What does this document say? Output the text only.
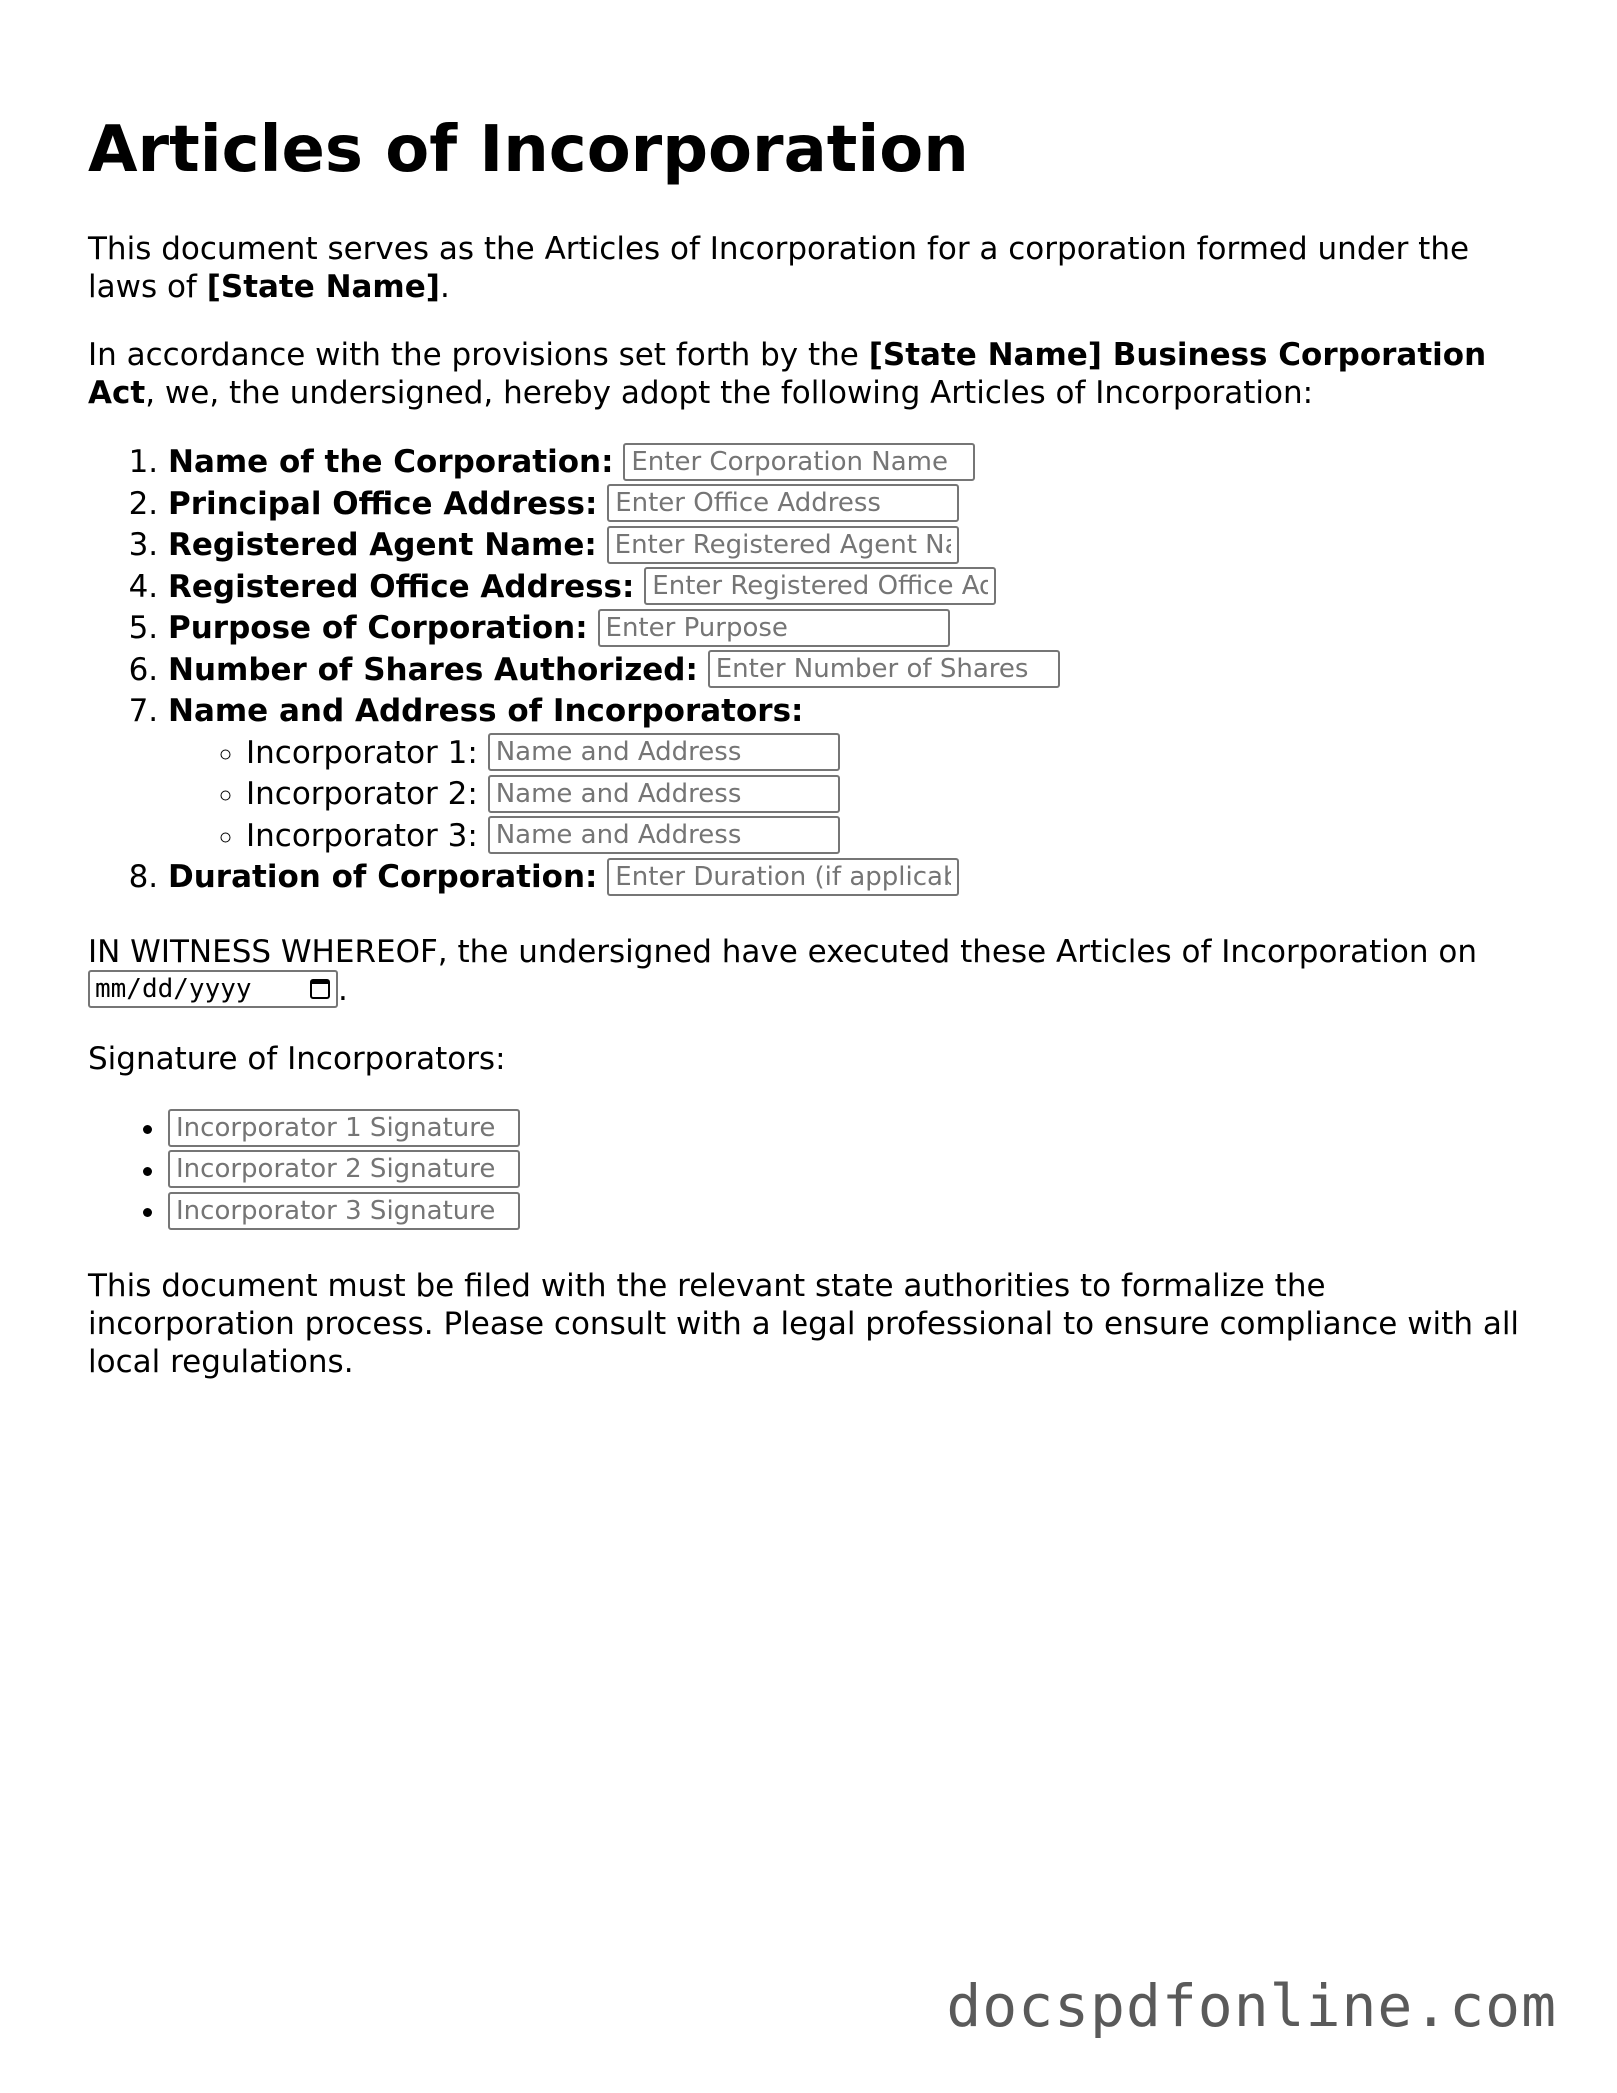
Articles of Incorporation

This document serves as the Articles of Incorporation for a corporation formed under the laws of [State Name].

In accordance with the provisions set forth by the [State Name] Business Corporation Act, we, the undersigned, hereby adopt the following Articles of Incorporation:

1. Name of the Corporation: Enter Corporation Name
2. Principal Office Address: Enter Office Address
3. Registered Agent Name: Enter Registered Agent Name
4. Registered Office Address: Enter Registered Office Address
5. Purpose of Corporation: Enter Purpose
6. Number of Shares Authorized: Enter Number of Shares
7. Name and Address of Incorporators:
◦ Incorporator 1: Name and Address
◦ Incorporator 2: Name and Address
◦ Incorporator 3: Name and Address
8. Duration of Corporation: Enter Duration (if applicable)

IN WITNESS WHEREOF, the undersigned have executed these Articles of Incorporation on

mm/dd/yyyy	.

Signature of Incorporators:

• Incorporator 1 Signature
• Incorporator 2 Signature
• Incorporator 3 Signature

This document must be filed with the relevant state authorities to formalize the incorporation process. Please consult with a legal professional to ensure compliance with all local regulations.

docspdfonline.com
